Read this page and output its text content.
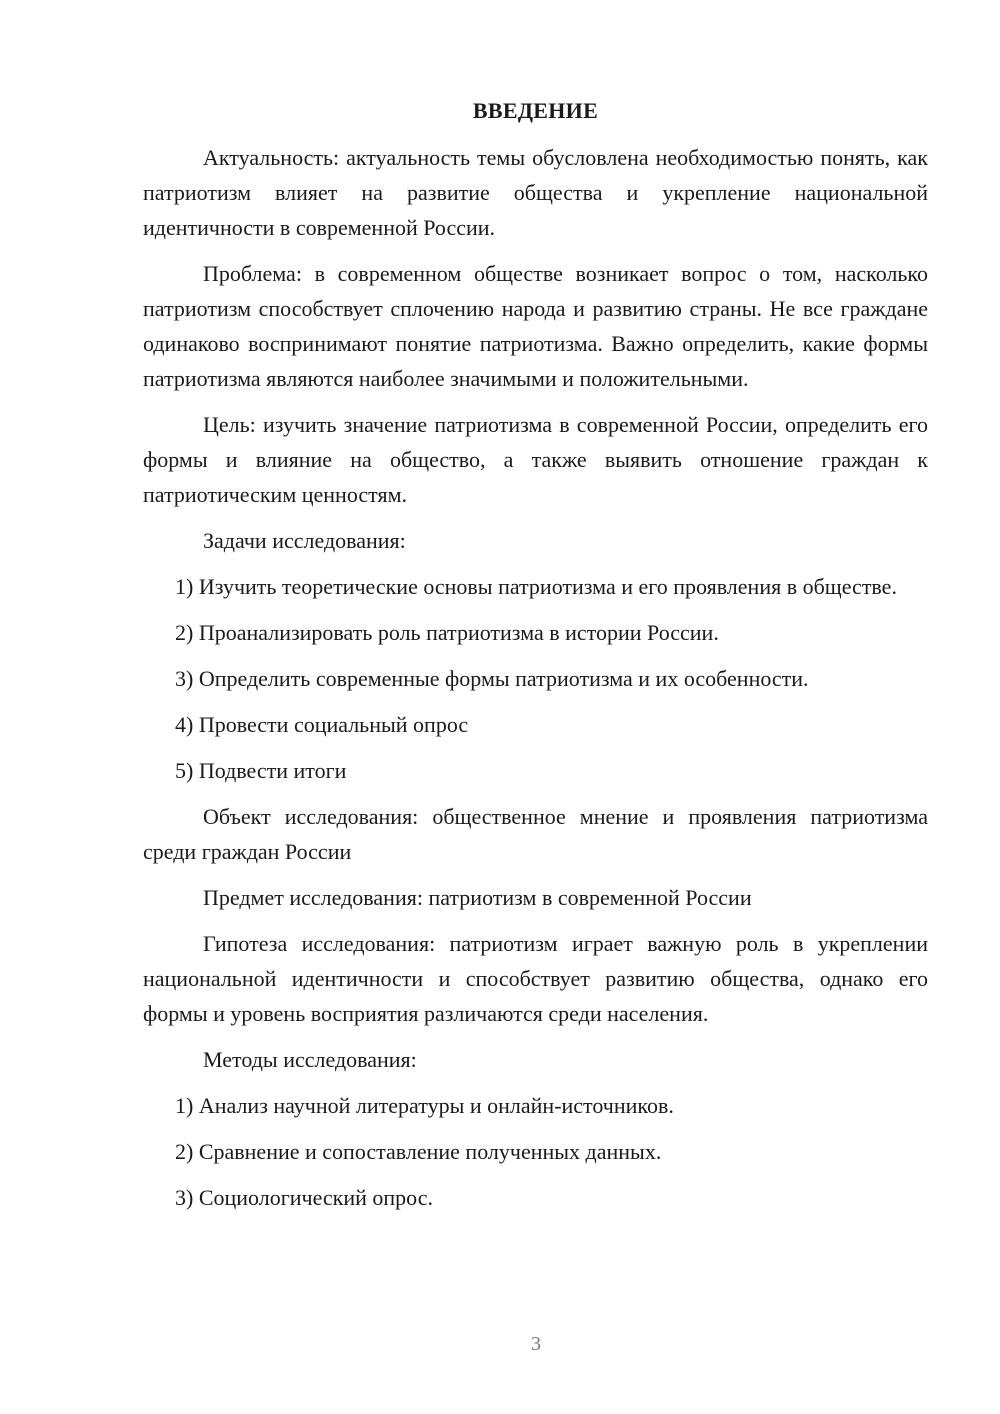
ВВЕДЕНИЕ

Актуальность: актуальность темы обусловлена необходимостью понять, как патриотизм влияет на развитие общества и укрепление национальной идентичности в современной России.

Проблема: в современном обществе возникает вопрос о том, насколько патриотизм способствует сплочению народа и развитию страны. Не все граждане одинаково воспринимают понятие патриотизма. Важно определить, какие формы патриотизма являются наиболее значимыми и положительными.

Цель: изучить значение патриотизма в современной России, определить его формы и влияние на общество, а также выявить отношение граждан к патриотическим ценностям.

Задачи исследования:

1) Изучить теоретические основы патриотизма и его проявления в обществе.

2) Проанализировать роль патриотизма в истории России.

3) Определить современные формы патриотизма и их особенности.

4) Провести социальный опрос

5) Подвести итоги

Объект исследования: общественное мнение и проявления патриотизма среди граждан России

Предмет исследования: патриотизм в современной России

Гипотеза исследования: патриотизм играет важную роль в укреплении национальной идентичности и способствует развитию общества, однако его формы и уровень восприятия различаются среди населения.

Методы исследования:

1) Анализ научной литературы и онлайн-источников.

2) Сравнение и сопоставление полученных данных.

3) Социологический опрос.

3
